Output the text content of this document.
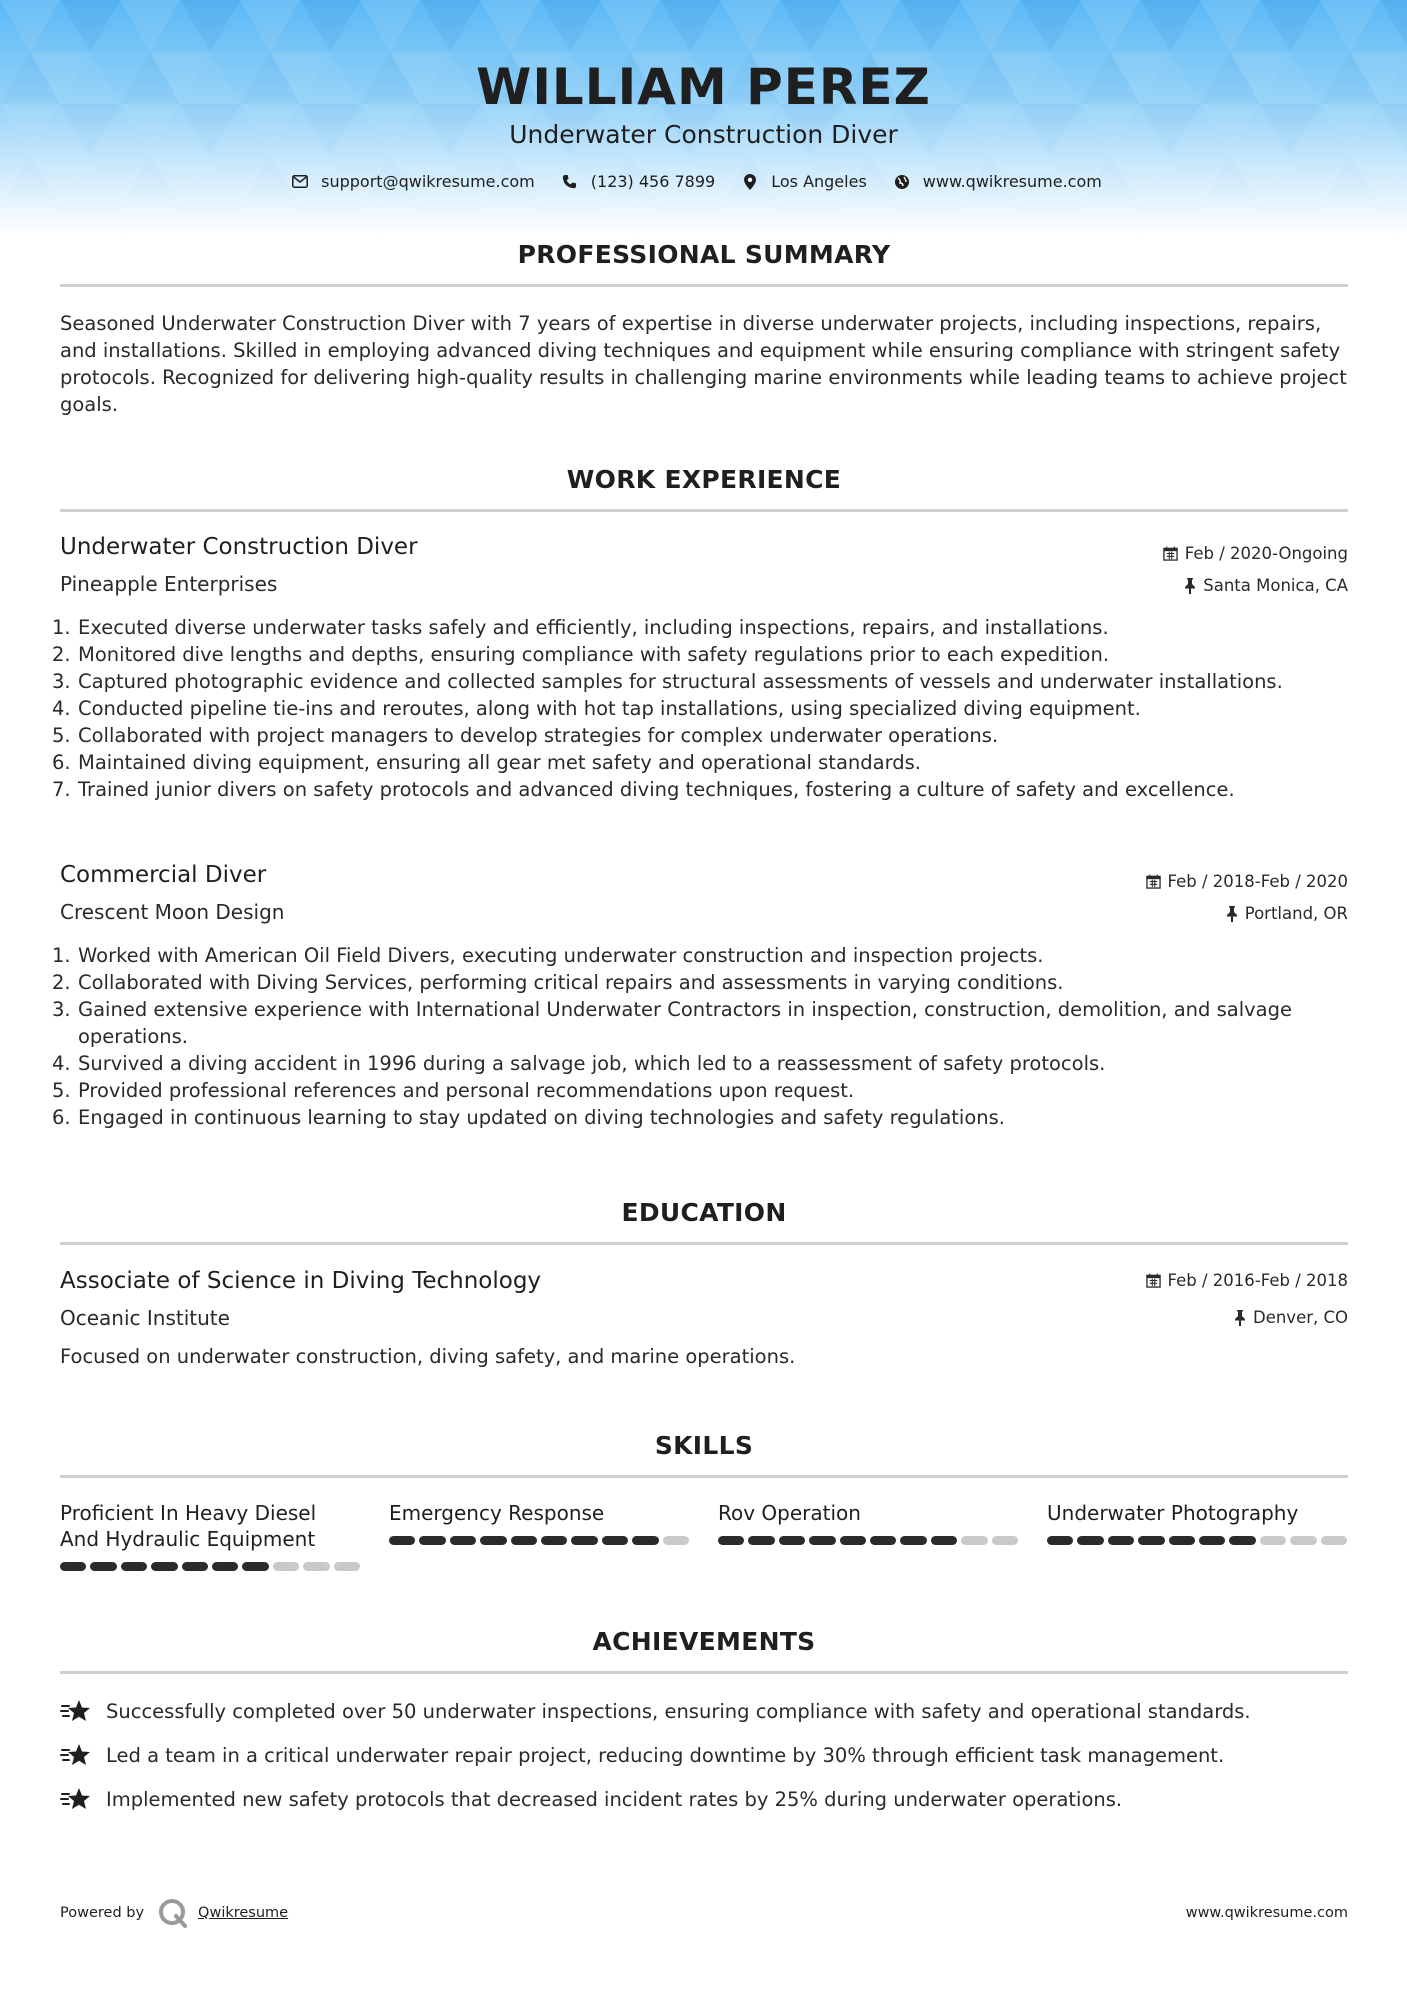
WILLIAM PEREZ
Underwater Construction Diver
support@qwikresume.com	(123) 456 7899	Los Angeles	www.qwikresume.com
PROFESSIONAL SUMMARY
Seasoned Underwater Construction Diver with 7 years of expertise in diverse underwater projects, including inspections, repairs, and installations. Skilled in employing advanced diving techniques and equipment while ensuring compliance with stringent safety protocols. Recognized for delivering high-quality results in challenging marine environments while leading teams to achieve project goals.
WORK EXPERIENCE
Underwater Construction Diver	Feb / 2020-Ongoing
Pineapple Enterprises	Santa Monica, CA
1. Executed diverse underwater tasks safely and efficiently, including inspections, repairs, and installations.
2. Monitored dive lengths and depths, ensuring compliance with safety regulations prior to each expedition.
3. Captured photographic evidence and collected samples for structural assessments of vessels and underwater installations.
4. Conducted pipeline tie-ins and reroutes, along with hot tap installations, using specialized diving equipment.
5. Collaborated with project managers to develop strategies for complex underwater operations.
6. Maintained diving equipment, ensuring all gear met safety and operational standards.
7. Trained junior divers on safety protocols and advanced diving techniques, fostering a culture of safety and excellence.
Commercial Diver	Feb / 2018-Feb / 2020
Crescent Moon Design	Portland, OR
1. Worked with American Oil Field Divers, executing underwater construction and inspection projects.
2. Collaborated with Diving Services, performing critical repairs and assessments in varying conditions.
3. Gained extensive experience with International Underwater Contractors in inspection, construction, demolition, and salvage operations.
4. Survived a diving accident in 1996 during a salvage job, which led to a reassessment of safety protocols.
5. Provided professional references and personal recommendations upon request.
6. Engaged in continuous learning to stay updated on diving technologies and safety regulations.
EDUCATION
Associate of Science in Diving Technology	Feb / 2016-Feb / 2018
Oceanic Institute	Denver, CO
Focused on underwater construction, diving safety, and marine operations.
SKILLS
Proficient In Heavy Diesel And Hydraulic Equipment
Emergency Response	Rov Operation	Underwater Photography
ACHIEVEMENTS
Successfully completed over 50 underwater inspections, ensuring compliance with safety and operational standards.
Led a team in a critical underwater repair project, reducing downtime by 30% through efficient task management.
Implemented new safety protocols that decreased incident rates by 25% during underwater operations.
Powered by	Qwikresume	www.qwikresume.com
